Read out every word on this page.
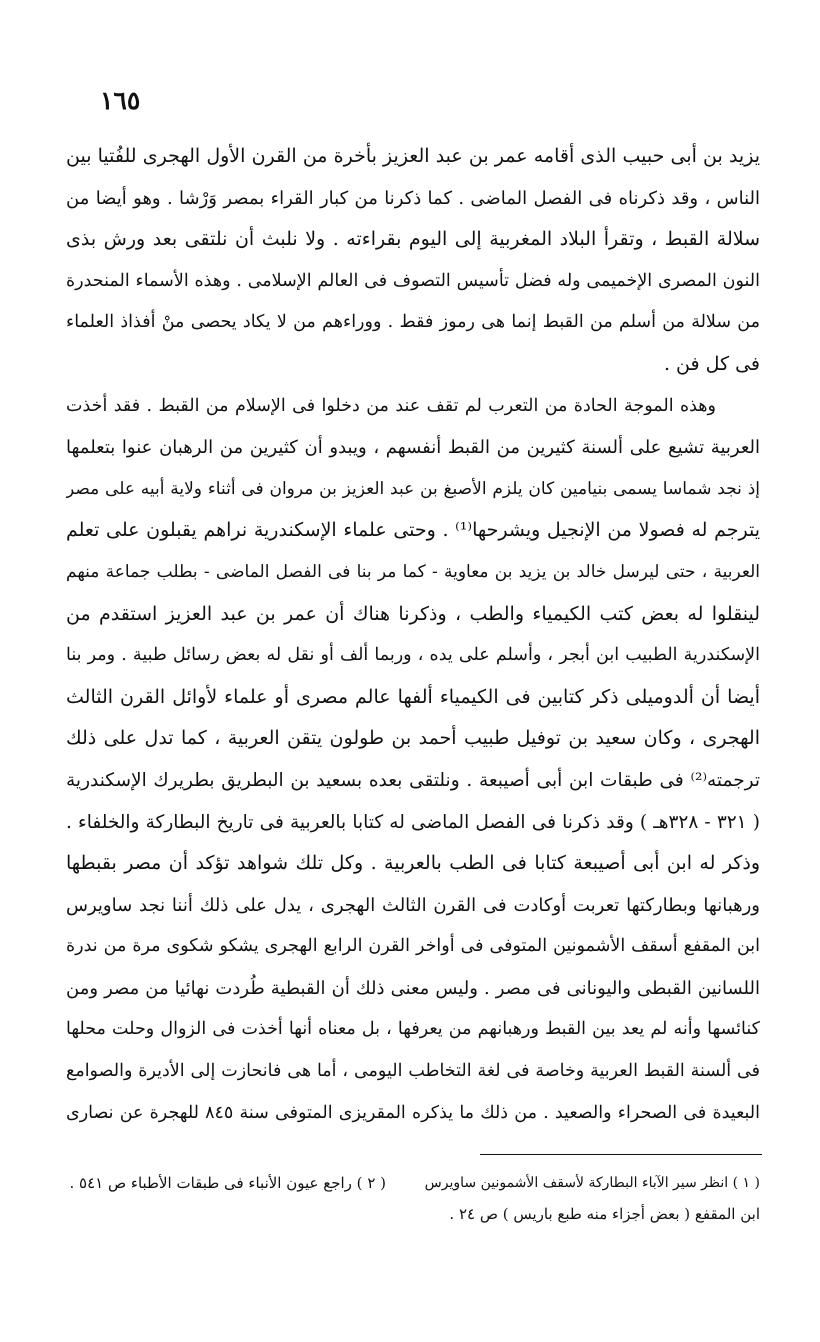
١٦٥
يزيد بن أبى حبيب الذى أقامه عمر بن عبد العزيز بأخرة من القرن الأول الهجرى للفُتيا بين
الناس ، وقد ذكرناه فى الفصل الماضى . كما ذكرنا من كبار القراء بمصر وَرْشا . وهو أيضا من
سلالة القبط ، وتقرأ البلاد المغربية إلى اليوم بقراءته . ولا نلبث أن نلتقى بعد ورش بذى
النون المصرى الإخميمى وله فضل تأسيس التصوف فى العالم الإسلامى . وهذه الأسماء المنحدرة
من سلالة من أسلم من القبط إنما هى رموز فقط . ووراءهم من لا يكاد يحصى منْ أفذاذ العلماء
فى كل فن .
وهذه الموجة الحادة من التعرب لم تقف عند من دخلوا فى الإسلام من القبط . فقد أخذت
العربية تشيع على ألسنة كثيرين من القبط أنفسهم ، ويبدو أن كثيرين من الرهبان عنوا بتعلمها
إذ نجد شماسا يسمى بنيامين كان يلزم الأصبغ بن عبد العزيز بن مروان فى أثناء ولاية أبيه على مصر
يترجم له فصولا من الإنجيل ويشرحها⁽¹⁾ . وحتى علماء الإسكندرية نراهم يقبلون على تعلم
العربية ، حتى ليرسل خالد بن يزيد بن معاوية - كما مر بنا فى الفصل الماضى - بطلب جماعة منهم
لينقلوا له بعض كتب الكيمياء والطب ، وذكرنا هناك أن عمر بن عبد العزيز استقدم من
الإسكندرية الطبيب ابن أبجر ، وأسلم على يده ، وربما ألف أو نقل له بعض رسائل طبية . ومر بنا
أيضا أن ألدوميلى ذكر كتابين فى الكيمياء ألفها عالم مصرى أو علماء لأوائل القرن الثالث
الهجرى ، وكان سعيد بن توفيل طبيب أحمد بن طولون يتقن العربية ، كما تدل على ذلك
ترجمته⁽²⁾ فى طبقات ابن أبى أصيبعة . ونلتقى بعده بسعيد بن البطريق بطريرك الإسكندرية
( ٣٢١ - ٣٢٨هـ ) وقد ذكرنا فى الفصل الماضى له كتابا بالعربية فى تاريخ البطاركة والخلفاء .
وذكر له ابن أبى أصيبعة كتابا فى الطب بالعربية . وكل تلك شواهد تؤكد أن مصر بقبطها
ورهبانها وبطاركتها تعربت أوكادت فى القرن الثالث الهجرى ، يدل على ذلك أننا نجد ساويرس
ابن المقفع أسقف الأشمونين المتوفى فى أواخر القرن الرابع الهجرى يشكو شكوى مرة من ندرة
اللسانين القبطى واليونانى فى مصر . وليس معنى ذلك أن القبطية طُردت نهائيا من مصر ومن
كنائسها وأنه لم يعد بين القبط ورهبانهم من يعرفها ، بل معناه أنها أخذت فى الزوال وحلت محلها
فى ألسنة القبط العربية وخاصة فى لغة التخاطب اليومى ، أما هى فانحازت إلى الأديرة والصوامع
البعيدة فى الصحراء والصعيد . من ذلك ما يذكره المقريزى المتوفى سنة ٨٤٥ للهجرة عن نصارى
( ١ ) انظر سير الآباء البطاركة لأسقف الأشمونين ساويرس
ابن المقفع ( بعض أجزاء منه طبع باريس ) ص ٢٤ .
( ٢ ) راجع عيون الأنباء فى طبقات الأطباء ص ٥٤١ .
